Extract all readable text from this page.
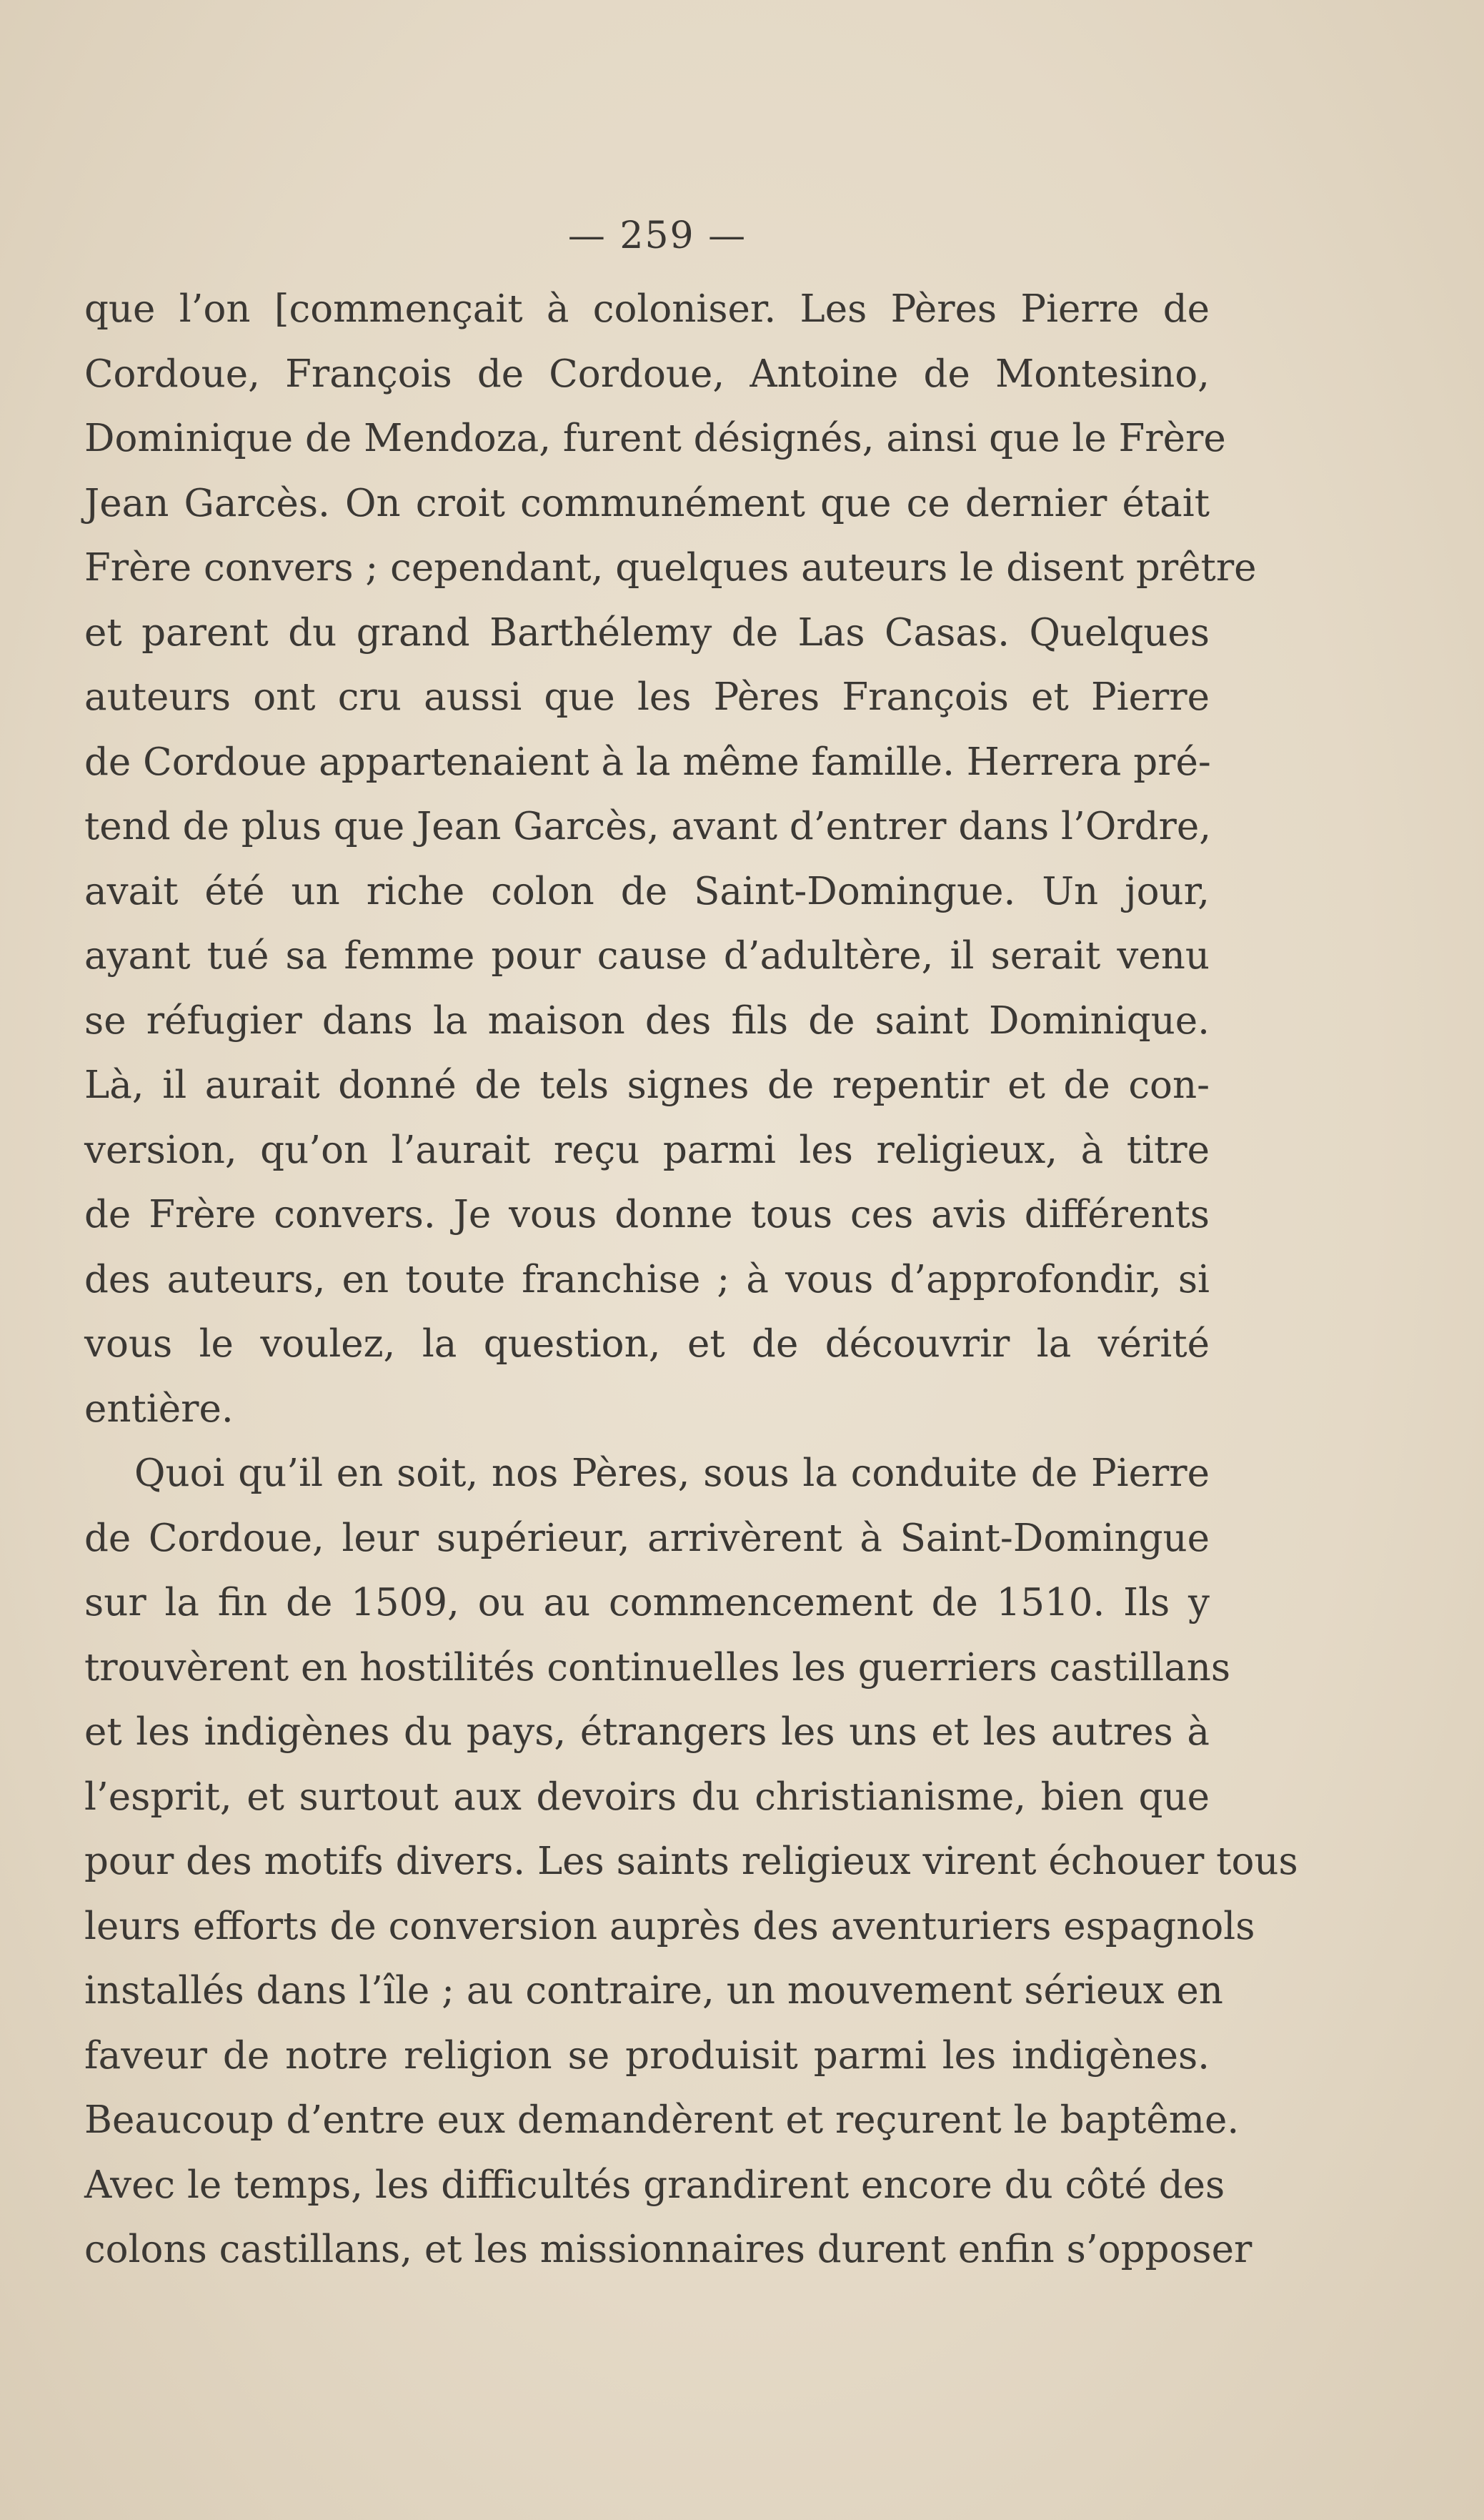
— 259 —
que l’on [commençait à coloniser. Les Pères Pierre de
Cordoue, François de Cordoue, Antoine de Montesino,
Dominique de Mendoza, furent désignés, ainsi que le Frère
Jean Garcès. On croit communément que ce dernier était
Frère convers ; cependant, quelques auteurs le disent prêtre
et parent du grand Barthélemy de Las Casas. Quelques
auteurs ont cru aussi que les Pères François et Pierre
de Cordoue appartenaient à la même famille. Herrera pré-
tend de plus que Jean Garcès, avant d’entrer dans l’Ordre,
avait été un riche colon de Saint-Domingue. Un jour,
ayant tué sa femme pour cause d’adultère, il serait venu
se réfugier dans la maison des fils de saint Dominique.
Là, il aurait donné de tels signes de repentir et de con-
version, qu’on l’aurait reçu parmi les religieux, à titre
de Frère convers. Je vous donne tous ces avis différents
des auteurs, en toute franchise ; à vous d’approfondir, si
vous le voulez, la question, et de découvrir la vérité
entière.
Quoi qu’il en soit, nos Pères, sous la conduite de Pierre
de Cordoue, leur supérieur, arrivèrent à Saint-Domingue
sur la fin de 1509, ou au commencement de 1510. Ils y
trouvèrent en hostilités continuelles les guerriers castillans
et les indigènes du pays, étrangers les uns et les autres à
l’esprit, et surtout aux devoirs du christianisme, bien que
pour des motifs divers. Les saints religieux virent échouer tous
leurs efforts de conversion auprès des aventuriers espagnols
installés dans l’île ; au contraire, un mouvement sérieux en
faveur de notre religion se produisit parmi les indigènes.
Beaucoup d’entre eux demandèrent et reçurent le baptême.
Avec le temps, les difficultés grandirent encore du côté des
colons castillans, et les missionnaires durent enfin s’opposer
